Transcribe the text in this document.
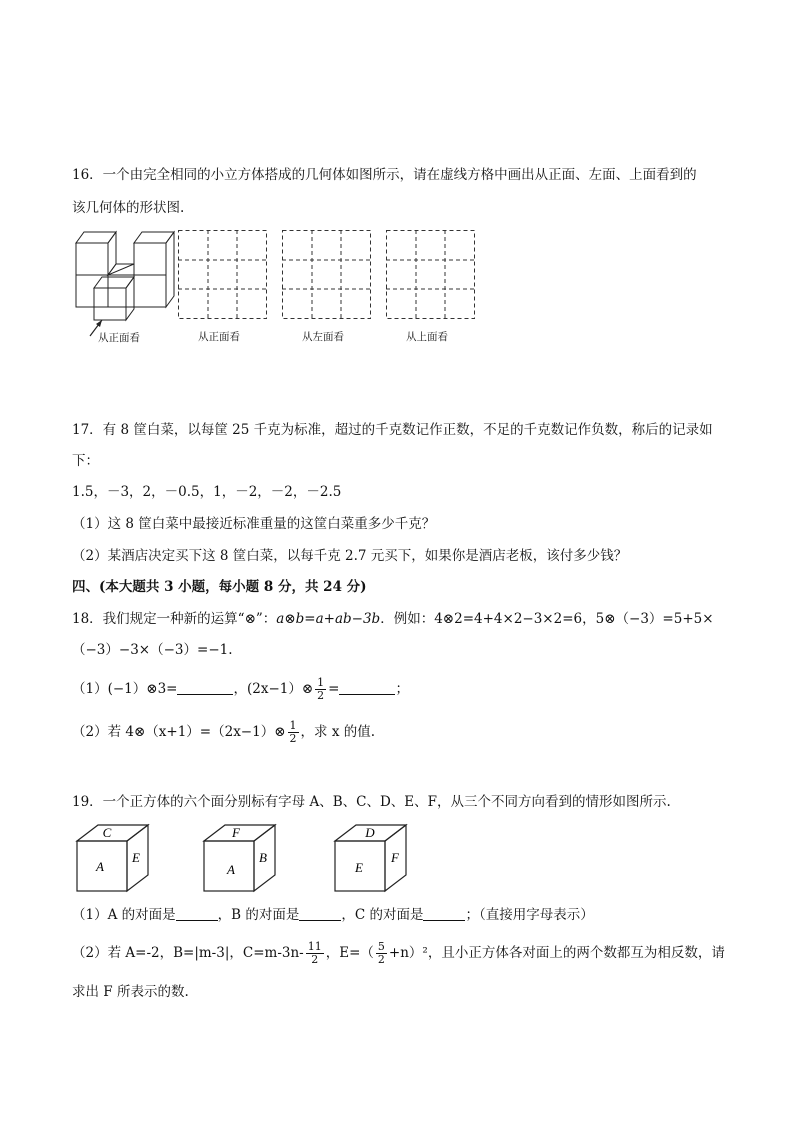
16．一个由完全相同的小立方体搭成的几何体如图所示，请在虚线方格中画出从正面、左面、上面看到的
该几何体的形状图.
从正面看	从正面看	从左面看	从上面看
17．有 8 筐白菜，以每筐 25 千克为标准，超过的千克数记作正数，不足的千克数记作负数，称后的记录如
下：
1.5，－3，2，－0.5，1，－2，－2，－2.5
（1）这 8 筐白菜中最接近标准重量的这筐白菜重多少千克？
（2）某酒店决定买下这 8 筐白菜，以每千克 2.7 元买下，如果你是酒店老板，该付多少钱？
四、(本大题共 3 小题，每小题 8 分，共 24 分)
18．我们规定一种新的运算“⊗”：a⊗b=a+ab−3b．例如：4⊗2=4+4×2−3×2=6，5⊗（−3）=5+5×
（−3）−3×（−3）=−1.
（1）(−1）⊗3=	，(2x−1）⊗ $\frac{1}{2}$ =	；
（2）若 4⊗（x+1）=（2x−1）⊗ $\frac{1}{2}$ ，求 x 的值.
19．一个正方体的六个面分别标有字母 A、B、C、D、E、F，从三个不同方向看到的情形如图所示.
C
A
E
F
A
B
D
E
F
（1）A 的对面是	，B 的对面是	，C 的对面是	；（直接用字母表示）
（2）若 A=-2，B=|m-3|，$C=m-3n- \frac{11}{2}$ ，$E=( \frac{5}{2} +n)^2$，且小正方体各对面上的两个数都互为相反数，请
求出 F 所表示的数.
